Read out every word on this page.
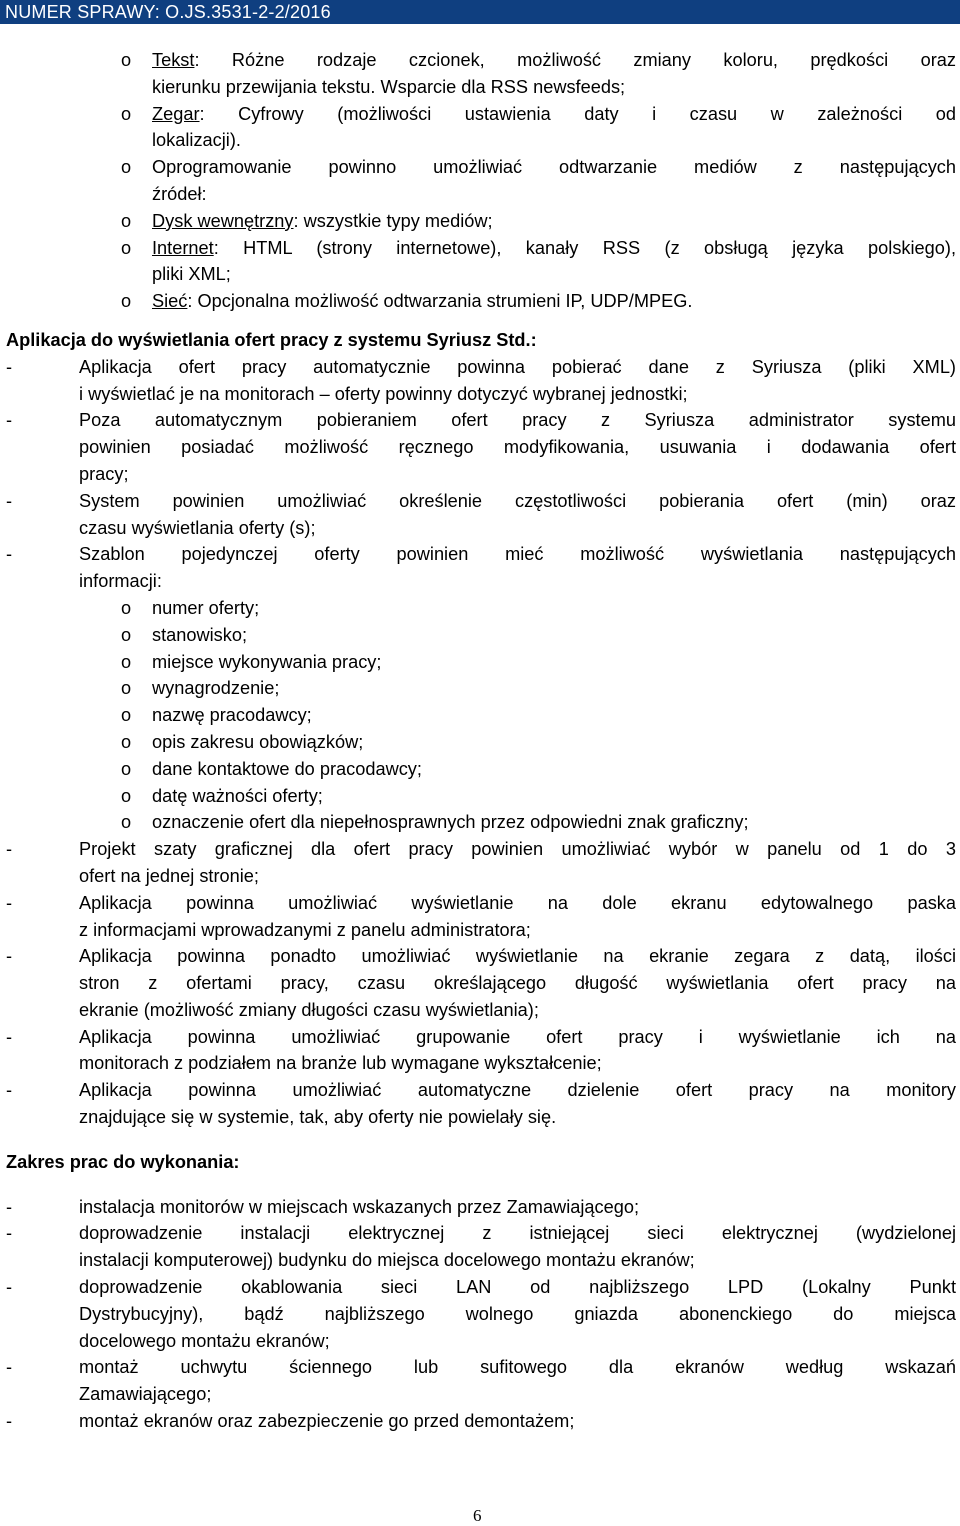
NUMER SPRAWY: O.JS.3531-2-2/2016
o Tekst: Różne rodzaje czcionek, możliwość zmiany koloru, prędkości oraz
kierunku przewijania tekstu. Wsparcie dla RSS newsfeeds;
o Zegar: Cyfrowy (możliwości ustawienia daty i czasu w zależności od
lokalizacji).
o Oprogramowanie powinno umożliwiać odtwarzanie mediów z następujących
źródeł:
o Dysk wewnętrzny: wszystkie typy mediów;
o Internet: HTML (strony internetowe), kanały RSS (z obsługą języka polskiego),
pliki XML;
o Sieć: Opcjonalna możliwość odtwarzania strumieni IP, UDP/MPEG.
Aplikacja do wyświetlania ofert pracy z systemu Syriusz Std.:
-	Aplikacja ofert pracy automatycznie powinna pobierać dane z Syriusza (pliki XML)
i wyświetlać je na monitorach – oferty powinny dotyczyć wybranej jednostki;
-	Poza automatycznym pobieraniem ofert pracy z Syriusza administrator systemu
powinien posiadać możliwość ręcznego modyfikowania, usuwania i dodawania ofert
pracy;
-	System powinien umożliwiać określenie częstotliwości pobierania ofert (min) oraz
czasu wyświetlania oferty (s);
-	Szablon pojedynczej oferty powinien mieć możliwość wyświetlania następujących
informacji:
o numer oferty;
o stanowisko;
o miejsce wykonywania pracy;
o wynagrodzenie;
o nazwę pracodawcy;
o opis zakresu obowiązków;
o dane kontaktowe do pracodawcy;
o datę ważności oferty;
o oznaczenie ofert dla niepełnosprawnych przez odpowiedni znak graficzny;
-	Projekt szaty graficznej dla ofert pracy powinien umożliwiać wybór w panelu od 1 do 3
ofert na jednej stronie;
-	Aplikacja powinna umożliwiać wyświetlanie na dole ekranu edytowalnego paska
z informacjami wprowadzanymi z panelu administratora;
-	Aplikacja powinna ponadto umożliwiać wyświetlanie na ekranie zegara z datą, ilości
stron z ofertami pracy, czasu określającego długość wyświetlania ofert pracy na
ekranie (możliwość zmiany długości czasu wyświetlania);
-	Aplikacja powinna umożliwiać grupowanie ofert pracy i wyświetlanie ich na
monitorach z podziałem na branże lub wymagane wykształcenie;
-	Aplikacja powinna umożliwiać automatyczne dzielenie ofert pracy na monitory
znajdujące się w systemie, tak, aby oferty nie powielały się.
Zakres prac do wykonania:
-	instalacja monitorów w miejscach wskazanych przez Zamawiającego;
-	doprowadzenie instalacji elektrycznej z istniejącej sieci elektrycznej (wydzielonej
instalacji komputerowej) budynku do miejsca docelowego montażu ekranów;
-	doprowadzenie okablowania sieci LAN od najbliższego LPD (Lokalny Punkt
Dystrybucyjny), bądź najbliższego wolnego gniazda abonenckiego do miejsca
docelowego montażu ekranów;
-	montaż uchwytu ściennego lub sufitowego dla ekranów według wskazań
Zamawiającego;
-	montaż ekranów oraz zabezpieczenie go przed demontażem;
6
